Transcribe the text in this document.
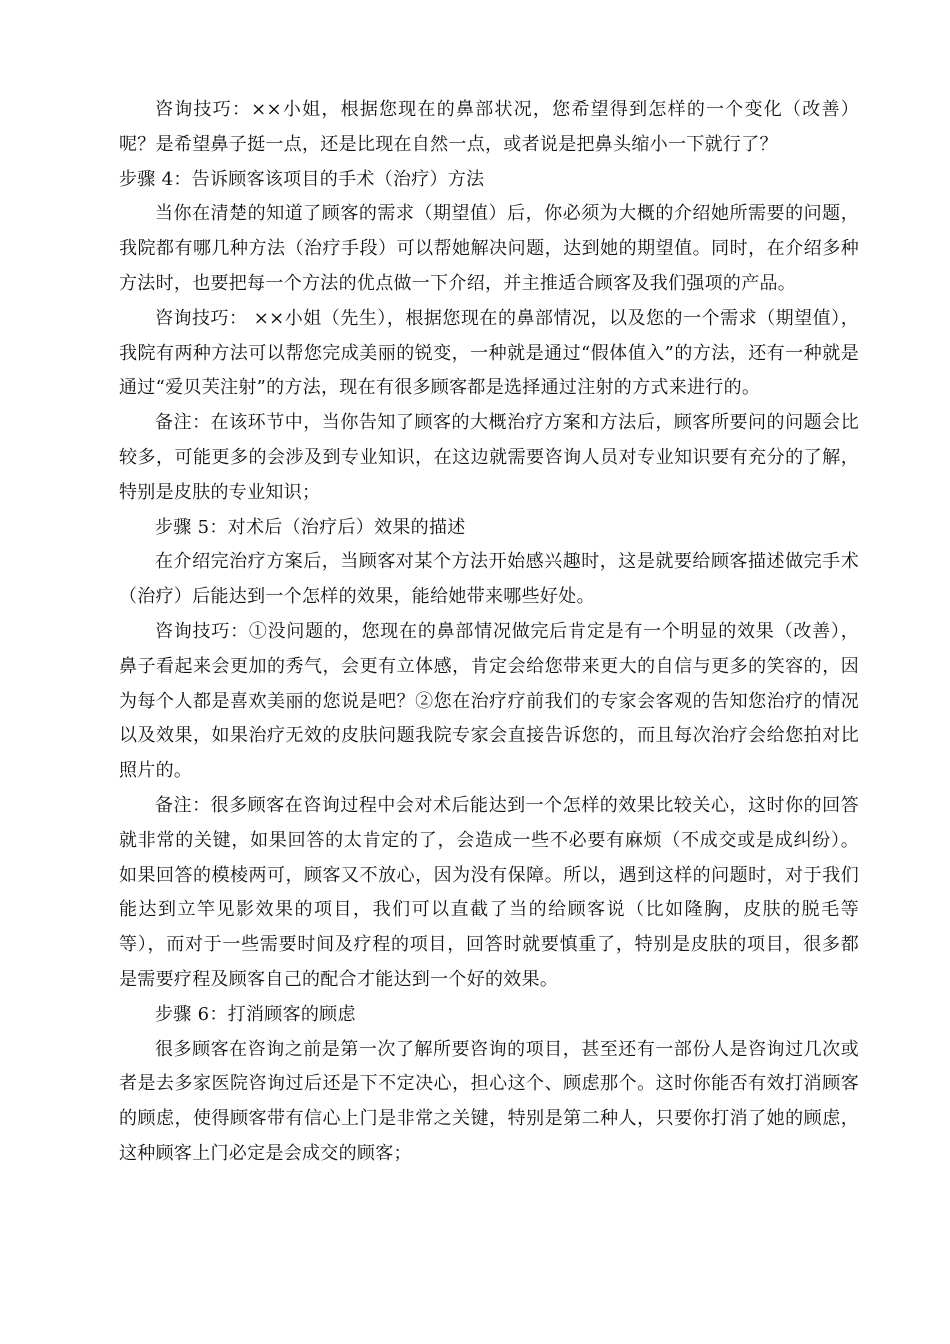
咨询技巧：××小姐，根据您现在的鼻部状况，您希望得到怎样的一个变化（改善）呢？是希望鼻子挺一点，还是比现在自然一点，或者说是把鼻头缩小一下就行了？

步骤 4：告诉顾客该项目的手术（治疗）方法

当你在清楚的知道了顾客的需求（期望值）后，你必须为大概的介绍她所需要的问题，我院都有哪几种方法（治疗手段）可以帮她解决问题，达到她的期望值。同时，在介绍多种方法时，也要把每一个方法的优点做一下介绍，并主推适合顾客及我们强项的产品。

咨询技巧： ××小姐（先生），根据您现在的鼻部情况，以及您的一个需求（期望值），我院有两种方法可以帮您完成美丽的锐变，一种就是通过“假体值入”的方法，还有一种就是通过“爱贝芙注射”的方法，现在有很多顾客都是选择通过注射的方式来进行的。

备注：在该环节中，当你告知了顾客的大概治疗方案和方法后，顾客所要问的问题会比较多，可能更多的会涉及到专业知识，在这边就需要咨询人员对专业知识要有充分的了解，特别是皮肤的专业知识；

步骤 5：对术后（治疗后）效果的描述

在介绍完治疗方案后，当顾客对某个方法开始感兴趣时，这是就要给顾客描述做完手术（治疗）后能达到一个怎样的效果，能给她带来哪些好处。

咨询技巧：①没问题的，您现在的鼻部情况做完后肯定是有一个明显的效果（改善），鼻子看起来会更加的秀气，会更有立体感，肯定会给您带来更大的自信与更多的笑容的，因为每个人都是喜欢美丽的您说是吧？②您在治疗疗前我们的专家会客观的告知您治疗的情况以及效果，如果治疗无效的皮肤问题我院专家会直接告诉您的，而且每次治疗会给您拍对比照片的。

备注：很多顾客在咨询过程中会对术后能达到一个怎样的效果比较关心，这时你的回答就非常的关键，如果回答的太肯定的了，会造成一些不必要有麻烦（不成交或是成纠纷）。如果回答的模棱两可，顾客又不放心，因为没有保障。所以，遇到这样的问题时，对于我们能达到立竿见影效果的项目，我们可以直截了当的给顾客说（比如隆胸，皮肤的脱毛等等），而对于一些需要时间及疗程的项目，回答时就要慎重了，特别是皮肤的项目，很多都是需要疗程及顾客自己的配合才能达到一个好的效果。

步骤 6：打消顾客的顾虑

很多顾客在咨询之前是第一次了解所要咨询的项目，甚至还有一部份人是咨询过几次或者是去多家医院咨询过后还是下不定决心，担心这个、顾虑那个。这时你能否有效打消顾客的顾虑，使得顾客带有信心上门是非常之关键，特别是第二种人，只要你打消了她的顾虑，这种顾客上门必定是会成交的顾客；
